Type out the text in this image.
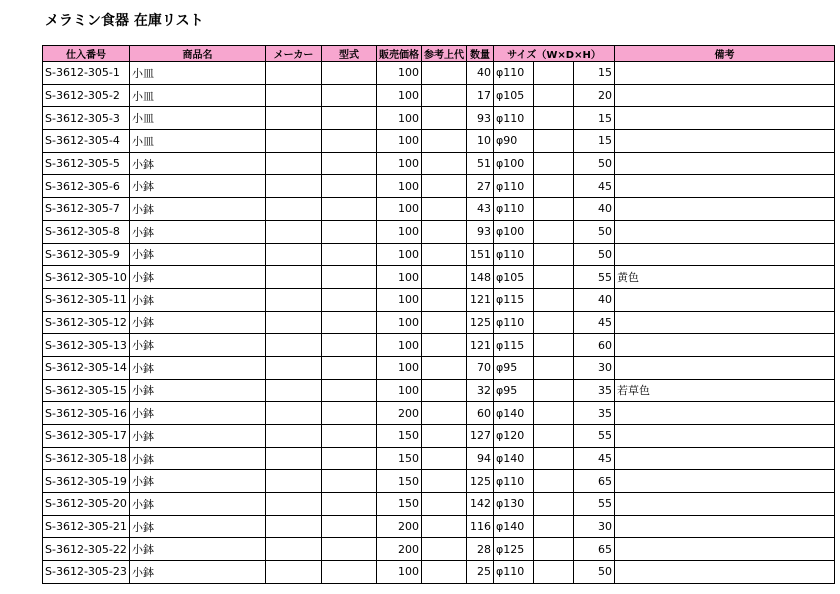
メラミン食器 在庫リスト
仕入番号	商品名	メーカー	型式	販売価格	参考上代	数量	サイズ（W×D×H）			備考
S-3612-305-1	小皿			100		40	φ110		15	
S-3612-305-2	小皿			100		17	φ105		20	
S-3612-305-3	小皿			100		93	φ110		15	
S-3612-305-4	小皿			100		10	φ90		15	
S-3612-305-5	小鉢			100		51	φ100		50	
S-3612-305-6	小鉢			100		27	φ110		45	
S-3612-305-7	小鉢			100		43	φ110		40	
S-3612-305-8	小鉢			100		93	φ100		50	
S-3612-305-9	小鉢			100		151	φ110		50	
S-3612-305-10	小鉢			100		148	φ105		55	黄色
S-3612-305-11	小鉢			100		121	φ115		40	
S-3612-305-12	小鉢			100		125	φ110		45	
S-3612-305-13	小鉢			100		121	φ115		60	
S-3612-305-14	小鉢			100		70	φ95		30	
S-3612-305-15	小鉢			100		32	φ95		35	若草色
S-3612-305-16	小鉢			200		60	φ140		35	
S-3612-305-17	小鉢			150		127	φ120		55	
S-3612-305-18	小鉢			150		94	φ140		45	
S-3612-305-19	小鉢			150		125	φ110		65	
S-3612-305-20	小鉢			150		142	φ130		55	
S-3612-305-21	小鉢			200		116	φ140		30	
S-3612-305-22	小鉢			200		28	φ125		65	
S-3612-305-23	小鉢			100		25	φ110		50	
